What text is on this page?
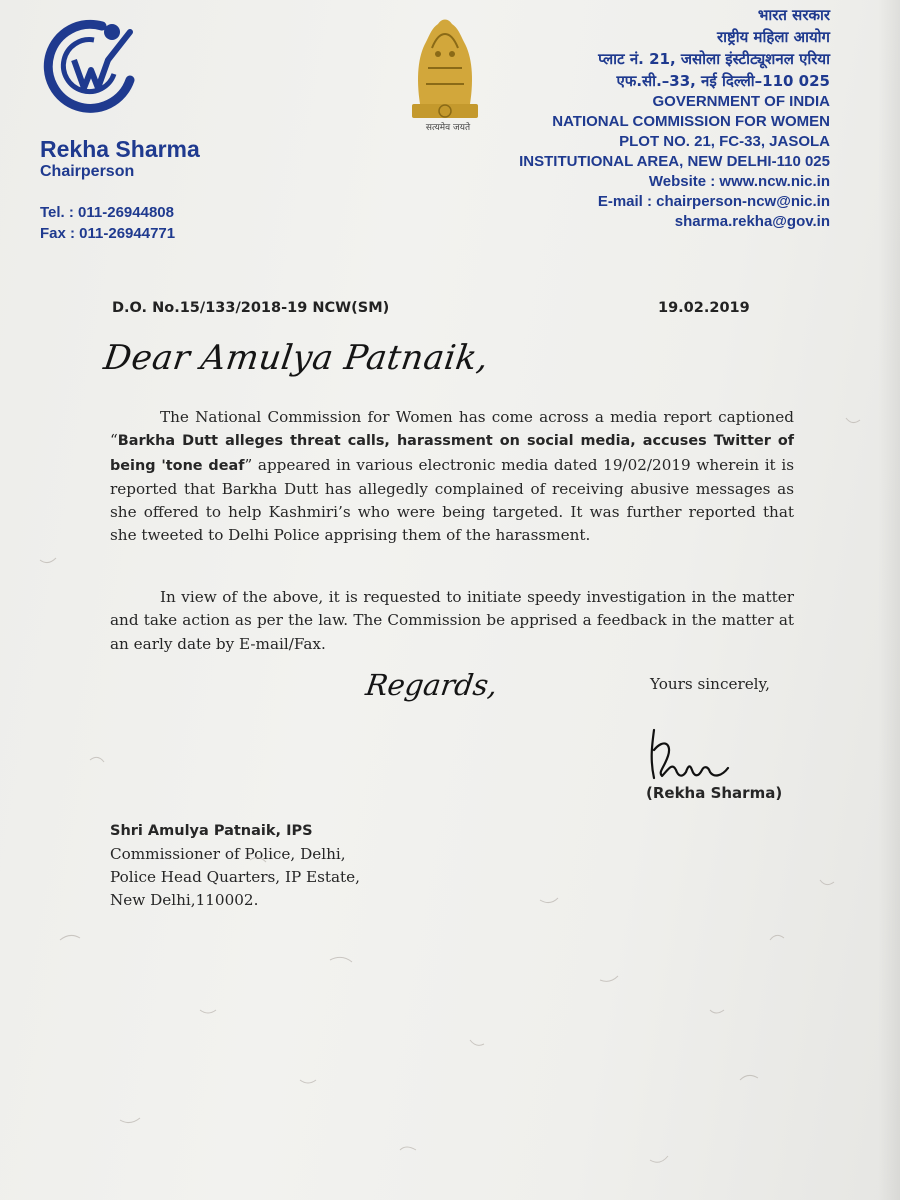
सत्यमेव जयते
Rekha Sharma
Chairperson
Tel. : 011-26944808
Fax : 011-26944771
भारत सरकार
राष्ट्रीय महिला आयोग
प्लाट नं. 21, जसोला इंस्टीट्यूशनल एरिया
एफ.सी.–33, नई दिल्ली–110 025
GOVERNMENT OF INDIA
NATIONAL COMMISSION FOR WOMEN
PLOT NO. 21, FC-33, JASOLA
INSTITUTIONAL AREA, NEW DELHI-110 025
Website : www.ncw.nic.in
E-mail : chairperson-ncw@nic.in
sharma.rekha@gov.in
D.O. No.15/133/2018-19 NCW(SM)	19.02.2019
Dear Amulya Patnaik,
The National Commission for Women has come across a media report captioned “Barkha Dutt alleges threat calls, harassment on social media, accuses Twitter of being 'tone deaf” appeared in various electronic media dated 19/02/2019 wherein it is reported that Barkha Dutt has allegedly complained of receiving abusive messages as she offered to help Kashmiri’s who were being targeted. It was further reported that she tweeted to Delhi Police apprising them of the harassment.
In view of the above, it is requested to initiate speedy investigation in the matter and take action as per the law. The Commission be apprised a feedback in the matter at an early date by E-mail/Fax.
Regards,	Yours sincerely,
(Rekha Sharma)
Shri Amulya Patnaik, IPS
Commissioner of Police, Delhi,
Police Head Quarters, IP Estate,
New Delhi,110002.
